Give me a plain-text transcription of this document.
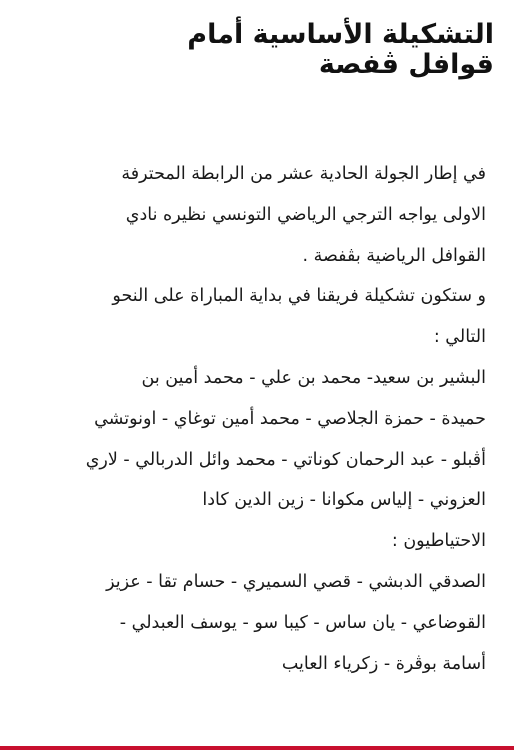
التشكيلة الأساسية أمام
قوافل ڨفصة
في إطار الجولة الحادية عشر من الرابطة المحترفة
الاولى يواجه الترجي الرياضي التونسي نظيره نادي
القوافل الرياضية بڨفصة .
و ستكون تشكيلة فريقنا في بداية المباراة على النحو
التالي :
البشير بن سعيد- محمد بن علي - محمد أمين بن
حميدة - حمزة الجلاصي - محمد أمين توغاي - اونوتشي
أڨبلو - عبد الرحمان كوناتي - محمد وائل الدربالي - لاري
العزوني - إلياس مكوانا - زين الدين كادا
الاحتياطيون :
الصدقي الدبشي - قصي السميري - حسام تقا - عزيز
القوضاعي - يان ساس - كيبا سو - يوسف العبدلي -
أسامة بوڨرة - زكرياء العايب
